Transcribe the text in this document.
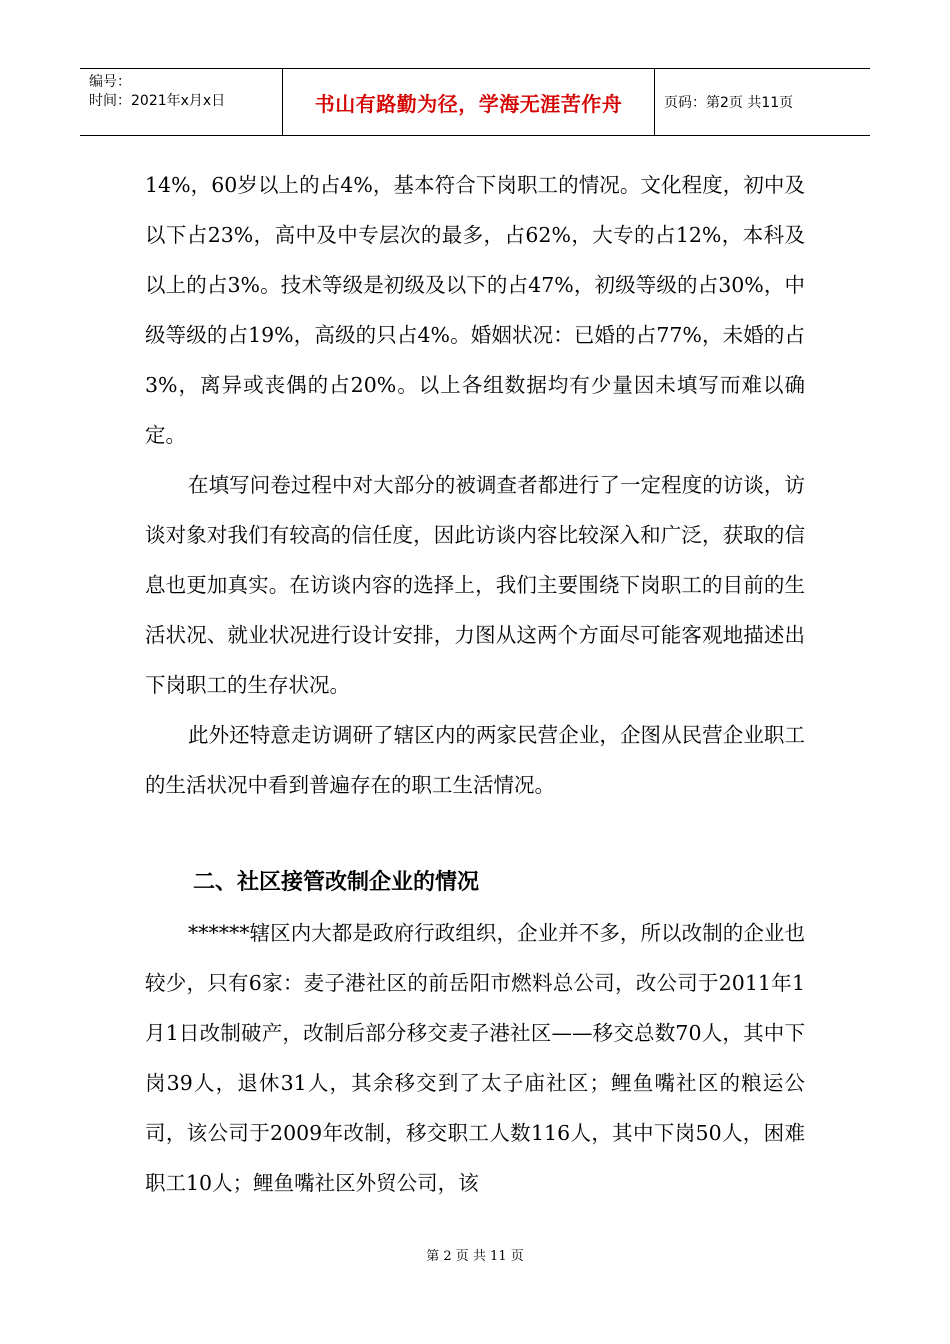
编号：
时间：2021年x月x日	书山有路勤为径，学海无涯苦作舟	页码：第2页 共11页

14%，60岁以上的占4%，基本符合下岗职工的情况。文化程度，初中及以下占23%，高中及中专层次的最多，占62%，大专的占12%，本科及以上的占3%。技术等级是初级及以下的占47%，初级等级的占30%，中级等级的占19%，高级的只占4%。婚姻状况：已婚的占77%，未婚的占3%，离异或丧偶的占20%。以上各组数据均有少量因未填写而难以确定。

在填写问卷过程中对大部分的被调查者都进行了一定程度的访谈，访谈对象对我们有较高的信任度，因此访谈内容比较深入和广泛，获取的信息也更加真实。在访谈内容的选择上，我们主要围绕下岗职工的目前的生活状况、就业状况进行设计安排，力图从这两个方面尽可能客观地描述出下岗职工的生存状况。

此外还特意走访调研了辖区内的两家民营企业，企图从民营企业职工的生活状况中看到普遍存在的职工生活情况。

二、社区接管改制企业的情况

******辖区内大都是政府行政组织，企业并不多，所以改制的企业也较少，只有6家：麦子港社区的前岳阳市燃料总公司，改公司于2011年1月1日改制破产，改制后部分移交麦子港社区——移交总数70人，其中下岗39人，退休31人，其余移交到了太子庙社区；鲤鱼嘴社区的粮运公司，该公司于2009年改制，移交职工人数116人，其中下岗50人，困难职工10人；鲤鱼嘴社区外贸公司，该

第 2 页 共 11 页
